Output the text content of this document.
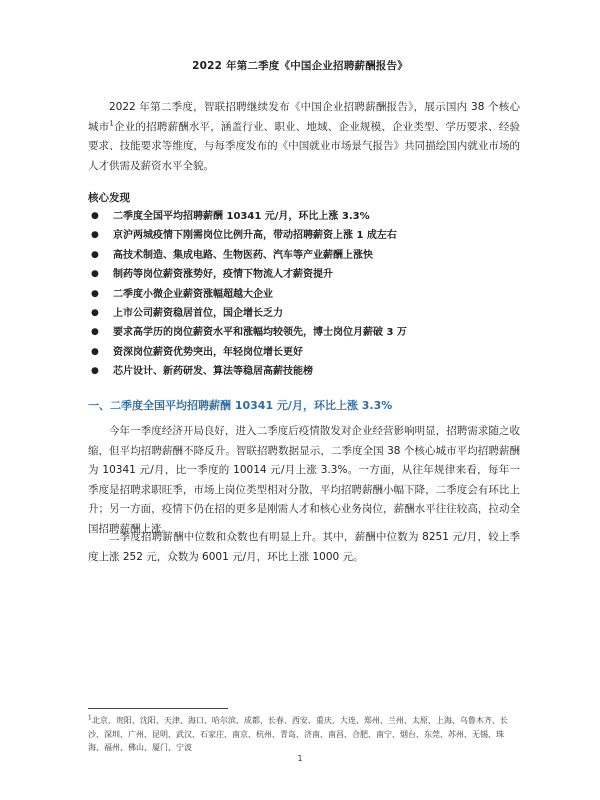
2022 年第二季度《中国企业招聘薪酬报告》

2022 年第二季度，智联招聘继续发布《中国企业招聘薪酬报告》，展示国内 38 个核心城市$^1$企业的招聘薪酬水平，涵盖行业、职业、地域、企业规模、企业类型、学历要求、经验要求、技能要求等维度，与每季度发布的《中国就业市场景气报告》共同描绘国内就业市场的人才供需及薪资水平全貌。

核心发现
● 二季度全国平均招聘薪酬 10341 元/月，环比上涨 3.3%
● 京沪两城疫情下刚需岗位比例升高，带动招聘薪资上涨 1 成左右
● 高技术制造、集成电路、生物医药、汽车等产业薪酬上涨快
● 制药等岗位薪资涨势好，疫情下物流人才薪资提升
● 二季度小微企业薪资涨幅超越大企业
● 上市公司薪资稳居首位，国企增长乏力
● 要求高学历的岗位薪资水平和涨幅均较领先，博士岗位月薪破 3 万
● 资深岗位薪资优势突出，年轻岗位增长更好
● 芯片设计、新药研发、算法等稳居高薪技能榜
一、二季度全国平均招聘薪酬 10341 元/月，环比上涨 3.3%

今年一季度经济开局良好，进入二季度后疫情散发对企业经营影响明显，招聘需求随之收缩，但平均招聘薪酬不降反升。智联招聘数据显示，二季度全国 38 个核心城市平均招聘薪酬为 10341 元/月，比一季度的 10014 元/月上涨 3.3%。一方面，从往年规律来看，每年一季度是招聘求职旺季，市场上岗位类型相对分散，平均招聘薪酬小幅下降，二季度会有环比上升；另一方面，疫情下仍在招的更多是刚需人才和核心业务岗位，薪酬水平往往较高，拉动全国招聘薪酬上涨。

二季度招聘薪酬中位数和众数也有明显上升。其中，薪酬中位数为 8251 元/月，较上季度上涨 252 元，众数为 6001 元/月，环比上涨 1000 元。

$^1$北京、贵阳、沈阳、天津、海口、哈尔滨、成都、长春、西安、重庆、大连、郑州、兰州、太原、上海、乌鲁木齐、长沙、深圳、广州、昆明、武汉、石家庄、南京、杭州、青岛、济南、南昌、合肥、南宁、烟台、东莞、苏州、无锡、珠海、福州、佛山、厦门、宁波
1
